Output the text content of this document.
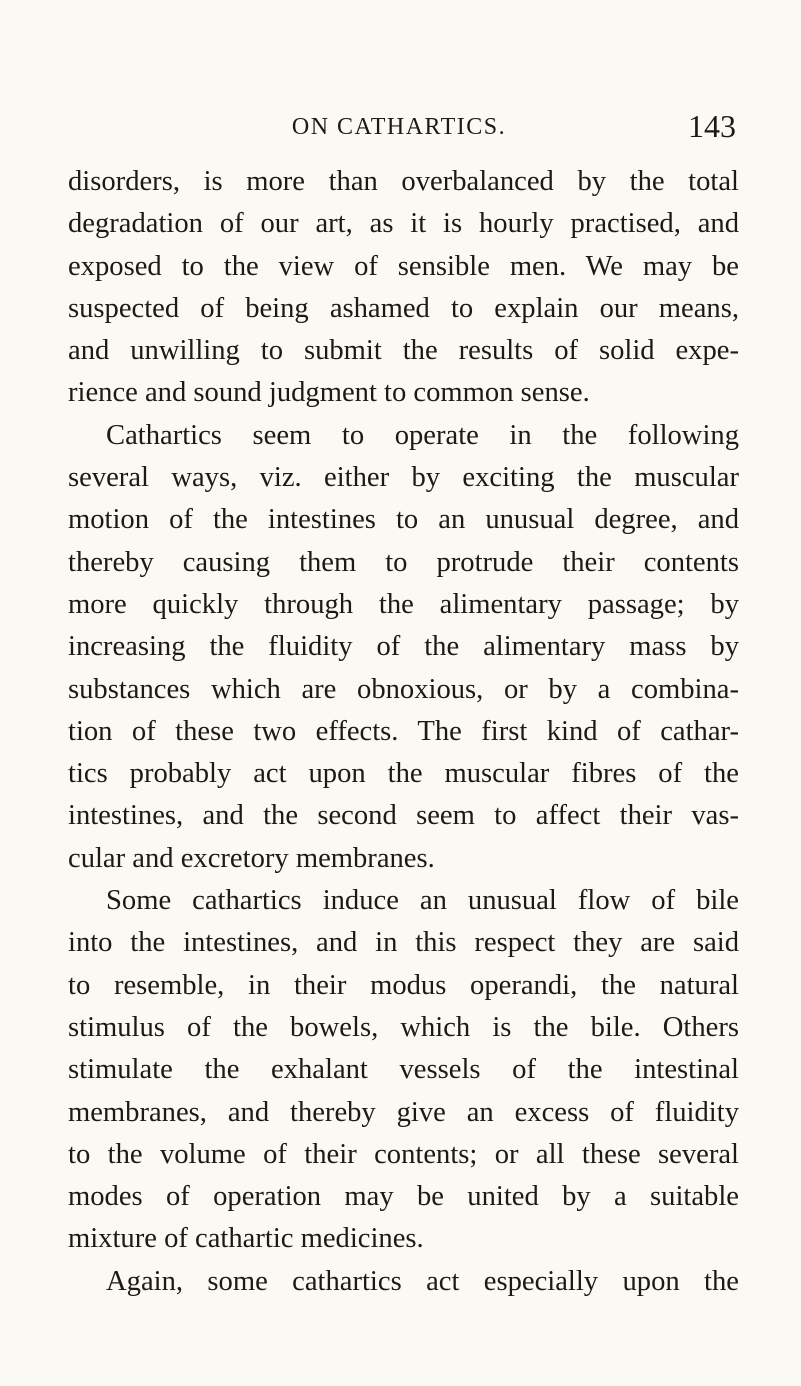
ON CATHARTICS.	143
disorders, is more than overbalanced by the total
degradation of our art, as it is hourly practised, and
exposed to the view of sensible men. We may be
suspected of being ashamed to explain our means,
and unwilling to submit the results of solid expe-
rience and sound judgment to common sense.
Cathartics seem to operate in the following
several ways, viz. either by exciting the muscular
motion of the intestines to an unusual degree, and
thereby causing them to protrude their contents
more quickly through the alimentary passage; by
increasing the fluidity of the alimentary mass by
substances which are obnoxious, or by a combina-
tion of these two effects. The first kind of cathar-
tics probably act upon the muscular fibres of the
intestines, and the second seem to affect their vas-
cular and excretory membranes.
Some cathartics induce an unusual flow of bile
into the intestines, and in this respect they are said
to resemble, in their modus operandi, the natural
stimulus of the bowels, which is the bile. Others
stimulate the exhalant vessels of the intestinal
membranes, and thereby give an excess of fluidity
to the volume of their contents; or all these several
modes of operation may be united by a suitable
mixture of cathartic medicines.
Again, some cathartics act especially upon the
